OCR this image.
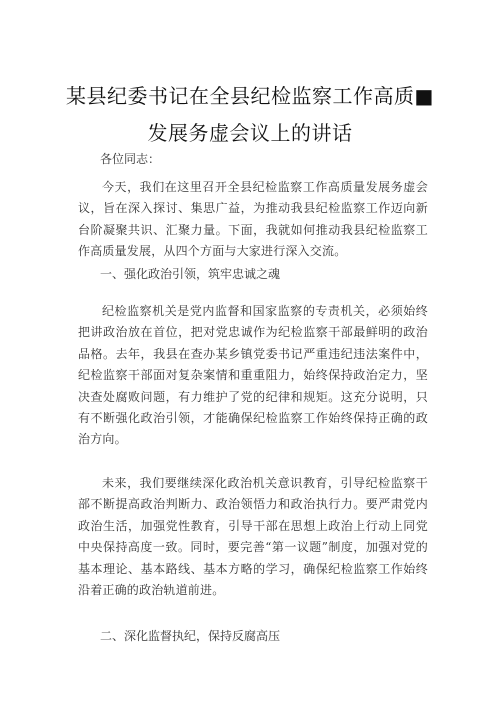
某县纪委书记在全县纪检监察工作高质■
发展务虚会议上的讲话
各位同志：

今天，我们在这里召开全县纪检监察工作高质量发展务虚会议，旨在深入探讨、集思广益，为推动我县纪检监察工作迈向新台阶凝聚共识、汇聚力量。下面，我就如何推动我县纪检监察工作高质量发展，从四个方面与大家进行深入交流。

一、强化政治引领，筑牢忠诚之魂

纪检监察机关是党内监督和国家监察的专责机关，必须始终把讲政治放在首位，把对党忠诚作为纪检监察干部最鲜明的政治品格。去年，我县在查办某乡镇党委书记严重违纪违法案件中，纪检监察干部面对复杂案情和重重阻力，始终保持政治定力，坚决查处腐败问题，有力维护了党的纪律和规矩。这充分说明，只有不断强化政治引领，才能确保纪检监察工作始终保持正确的政治方向。

未来，我们要继续深化政治机关意识教育，引导纪检监察干部不断提高政治判断力、政治领悟力和政治执行力。要严肃党内政治生活，加强党性教育，引导干部在思想上政治上行动上同党中央保持高度一致。同时，要完善“第一议题”制度，加强对党的基本理论、基本路线、基本方略的学习，确保纪检监察工作始终沿着正确的政治轨道前进。

二、深化监督执纪，保持反腐高压
